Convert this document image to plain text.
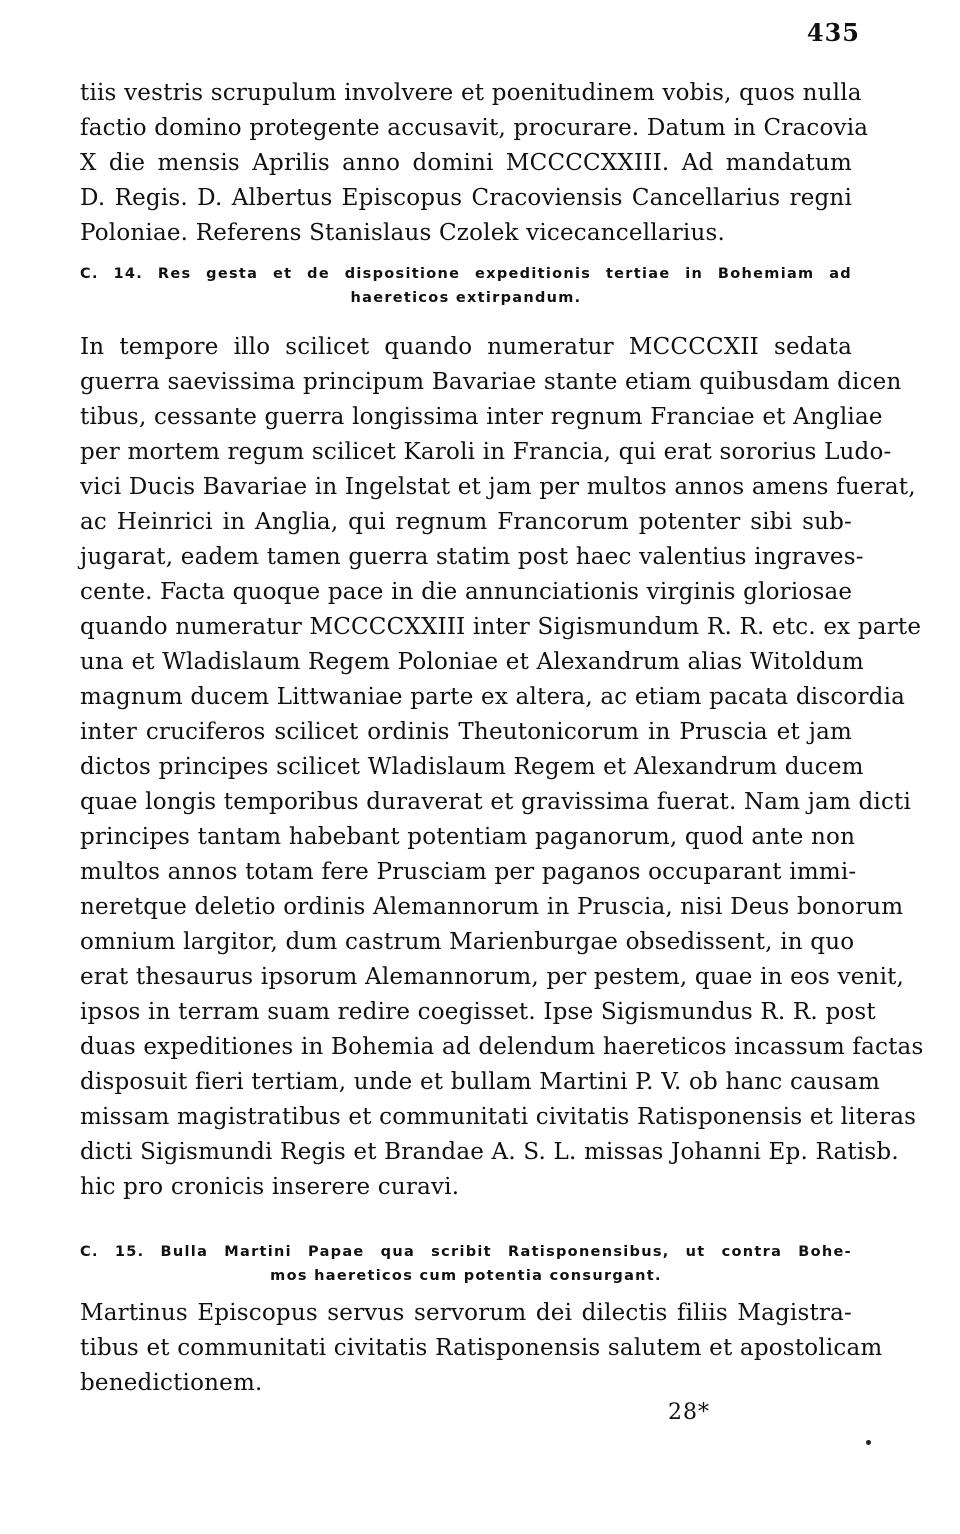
435
tiis vestris scrupulum involvere et poenitudinem vobis, quos nulla
factio domino protegente accusavit, procurare. Datum in Cracovia
X die mensis Aprilis anno domini MCCCCXXIII. Ad mandatum
D. Regis. D. Albertus Episcopus Cracoviensis Cancellarius regni
Poloniae. Referens Stanislaus Czolek vicecancellarius.
C. 14. Res gesta et de dispositione expeditionis tertiae in Bohemiam ad
haereticos extirpandum.
In tempore illo scilicet quando numeratur MCCCCXII sedata
guerra saevissima principum Bavariae stante etiam quibusdam dicen
tibus, cessante guerra longissima inter regnum Franciae et Angliae
per mortem regum scilicet Karoli in Francia, qui erat sororius Ludo-
vici Ducis Bavariae in Ingelstat et jam per multos annos amens fuerat,
ac Heinrici in Anglia, qui regnum Francorum potenter sibi sub-
jugarat, eadem tamen guerra statim post haec valentius ingraves-
cente. Facta quoque pace in die annunciationis virginis gloriosae
quando numeratur MCCCCXXIII inter Sigismundum R. R. etc. ex parte
una et Wladislaum Regem Poloniae et Alexandrum alias Witoldum
magnum ducem Littwaniae parte ex altera, ac etiam pacata discordia
inter cruciferos scilicet ordinis Theutonicorum in Pruscia et jam
dictos principes scilicet Wladislaum Regem et Alexandrum ducem
quae longis temporibus duraverat et gravissima fuerat. Nam jam dicti
principes tantam habebant potentiam paganorum, quod ante non
multos annos totam fere Prusciam per paganos occuparant immi-
neretque deletio ordinis Alemannorum in Pruscia, nisi Deus bonorum
omnium largitor, dum castrum Marienburgae obsedissent, in quo
erat thesaurus ipsorum Alemannorum, per pestem, quae in eos venit,
ipsos in terram suam redire coegisset. Ipse Sigismundus R. R. post
duas expeditiones in Bohemia ad delendum haereticos incassum factas
disposuit fieri tertiam, unde et bullam Martini P. V. ob hanc causam
missam magistratibus et communitati civitatis Ratisponensis et literas
dicti Sigismundi Regis et Brandae A. S. L. missas Johanni Ep. Ratisb.
hic pro cronicis inserere curavi.
C. 15. Bulla Martini Papae qua scribit Ratisponensibus, ut contra Bohe-
mos haereticos cum potentia consurgant.
Martinus Episcopus servus servorum dei dilectis filiis Magistra-
tibus et communitati civitatis Ratisponensis salutem et apostolicam
benedictionem.
28*
